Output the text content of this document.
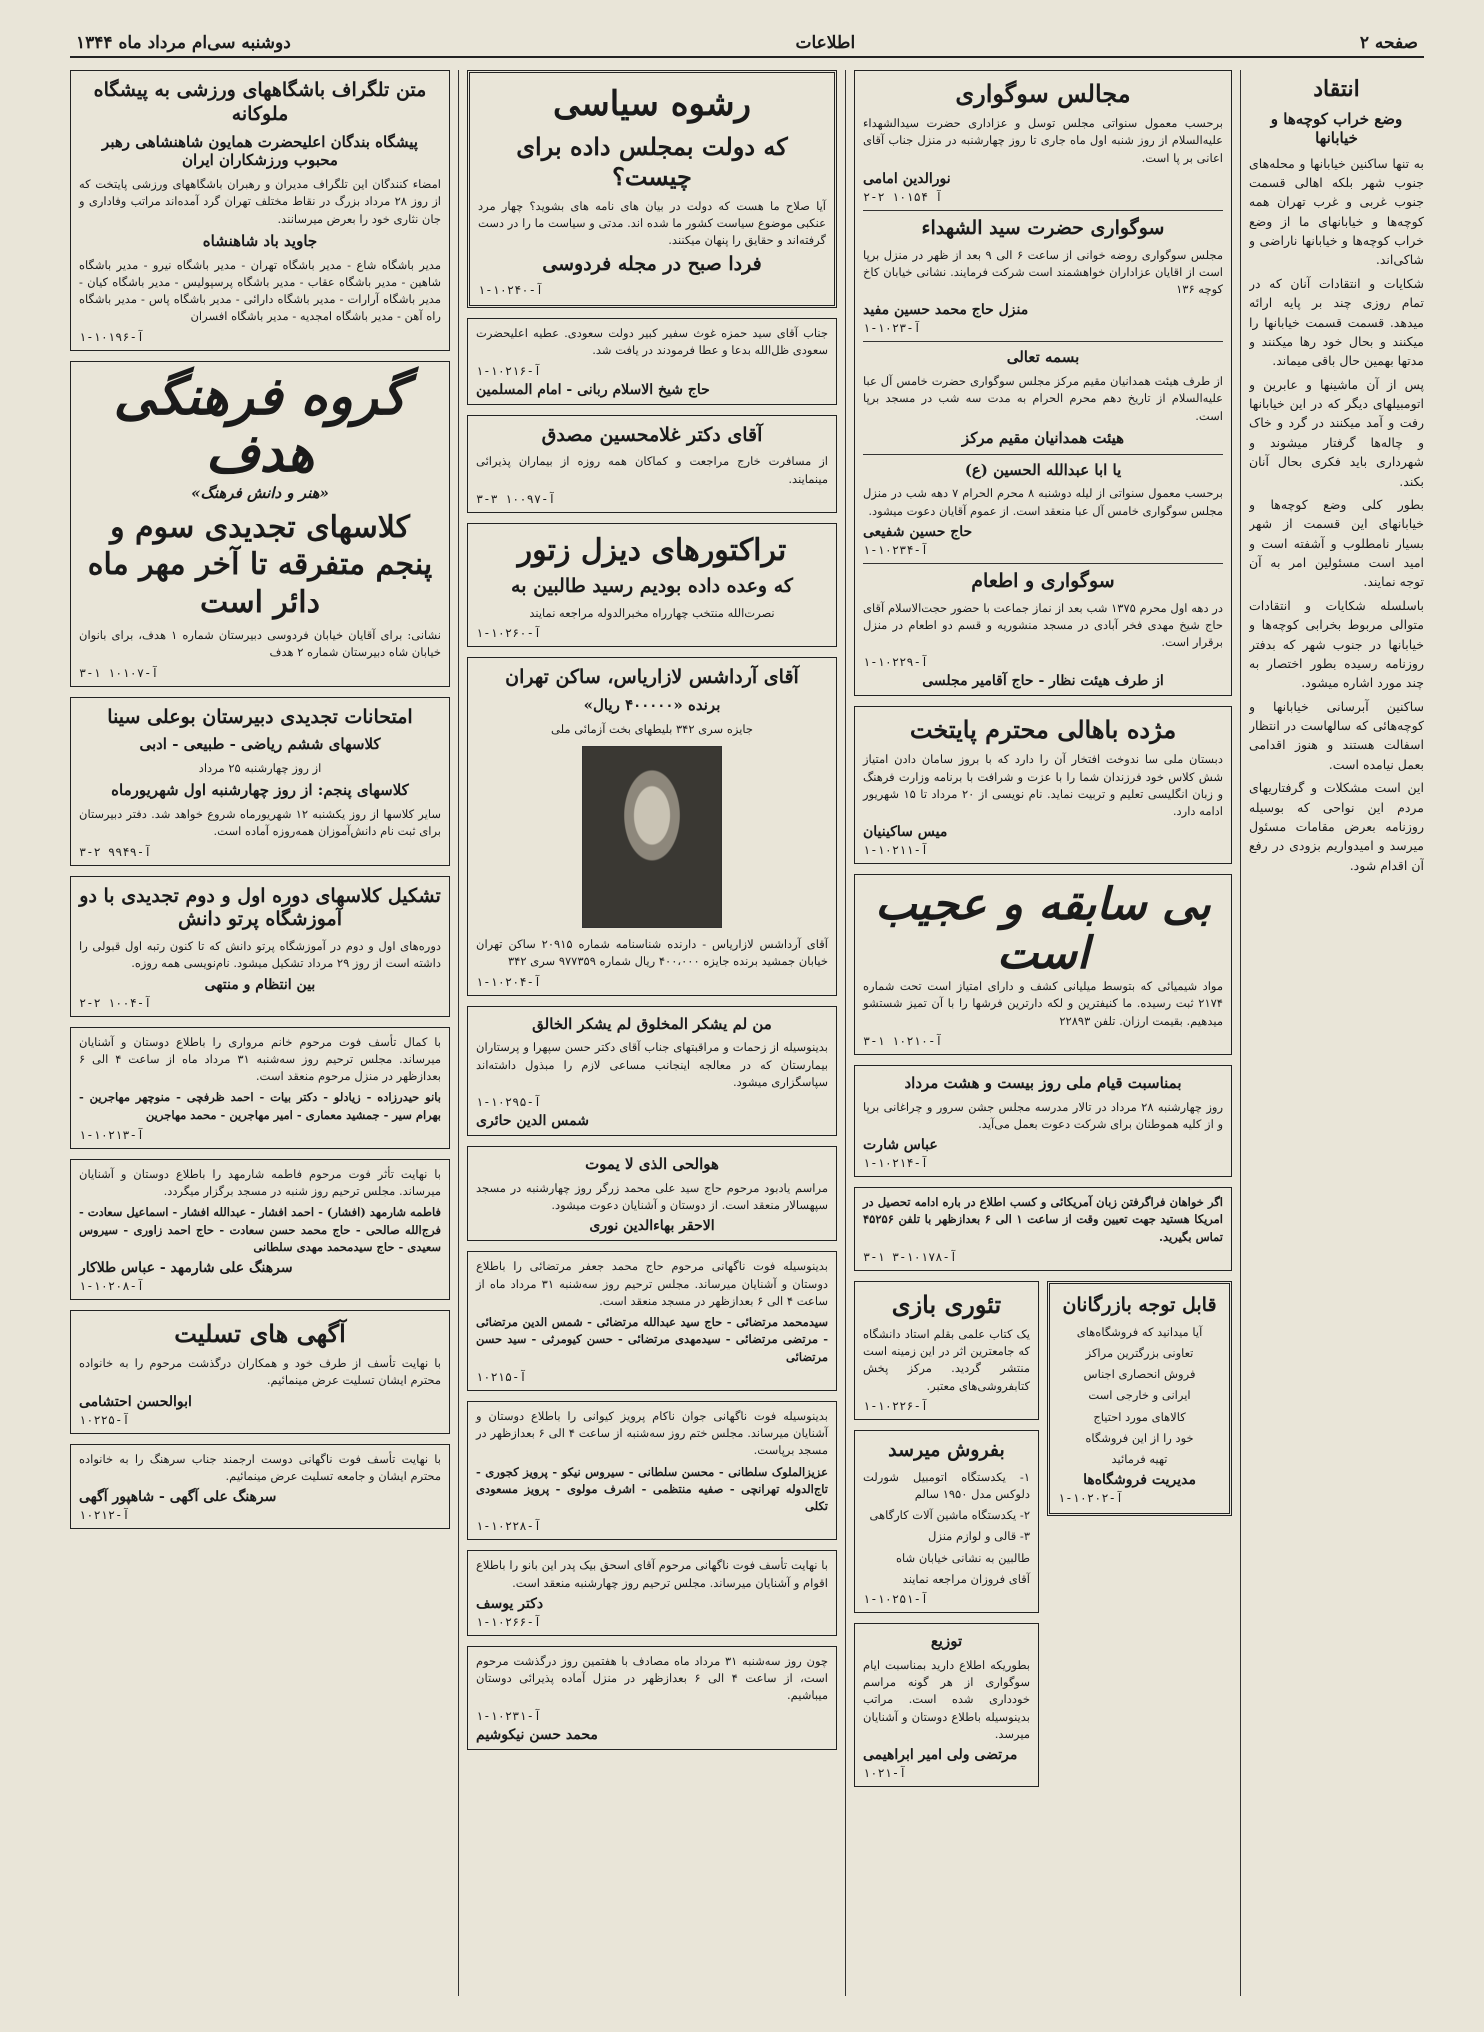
صفحه ۲
اطلاعات
دوشنبه سی‌ام مرداد ماه ۱۳۴۴
انتقاد
وضع خراب کوچه‌ها و خیابانها

به تنها ساکنین خیابانها و محله‌های جنوب شهر بلکه اهالی قسمت جنوب غربی و غرب تهران همه کوچه‌ها و خیابانهای ما از وضع خراب کوچه‌ها و خیابانها ناراضی و شاکی‌اند.

شکایات و انتقادات آنان که در تمام روزی چند بر پایه ارائه میدهد. قسمت قسمت خیابانها را میکنند و بحال خود رها میکنند و مدتها بهمین حال باقی میماند.

پس از آن ماشینها و عابرین و اتومبیلهای دیگر که در این خیابانها رفت و آمد میکنند در گرد و خاک و چاله‌ها گرفتار میشوند و شهرداری باید فکری بحال آنان بکند.

بطور کلی وضع کوچه‌ها و خیابانهای این قسمت از شهر بسیار نامطلوب و آشفته است و امید است مسئولین امر به آن توجه نمایند.

باسلسله شکایات و انتقادات متوالی مربوط بخرابی کوچه‌ها و خیابانها در جنوب شهر که بدفتر روزنامه رسیده بطور اختصار به چند مورد اشاره میشود.

ساکنین آبرسانی خیابانها و کوچه‌هائی که سالهاست در انتظار اسفالت هستند و هنوز اقدامی بعمل نیامده است.

این است مشکلات و گرفتاریهای مردم این نواحی که بوسیله روزنامه بعرض مقامات مسئول میرسد و امیدواریم بزودی در رفع آن اقدام شود.

مجالس سوگواری

برحسب معمول سنواتی مجلس توسل و عزاداری حضرت سیدالشهداء علیه‌السلام از روز شنبه اول ماه جاری تا روز چهارشنبه در منزل جناب آقای اعانی بر پا است.

نورالدین امامی
آ ۱۰۱۵۴ ۲-۲
سوگواری حضرت سید الشهداء

مجلس سوگواری روضه خوانی از ساعت ۶ الی ۹ بعد از ظهر در منزل برپا است از اقایان عزاداران خواهشمند است شرکت فرمایند. نشانی خیابان کاخ کوچه ۱۳۶

منزل حاج محمد حسین مفید
آ-۱۰۲۳-۱
بسمه تعالی

از طرف هیئت همدانیان مقیم مرکز مجلس سوگواری حضرت خامس آل عبا علیه‌السلام از تاریخ دهم محرم الحرام به مدت سه شب در مسجد برپا است.

هیئت همدانیان مقیم مرکز
یا ابا عبدالله الحسین (ع)

برحسب معمول سنواتی از لیله دوشنبه ۸ محرم الحرام ۷ دهه شب در منزل مجلس سوگواری خامس آل عبا منعقد است. از عموم آقایان دعوت میشود.

حاج حسین شفیعی
آ-۱۰۲۳۴-۱
سوگواری و اطعام

در دهه اول محرم ۱۳۷۵ شب بعد از نماز جماعت با حضور حجت‌الاسلام آقای حاج شیخ مهدی فخر آبادی در مسجد منشوریه و قسم دو اطعام در منزل برقرار است.

آ-۱۰۲۲۹-۱
از طرف هیئت نظار - حاج آقامیر مجلسی
مژده باهالی محترم پایتخت

دبستان ملی سا ندوخت افتخار آن را دارد که با بروز سامان دادن امتیاز شش کلاس خود فرزندان شما را با عزت و شرافت با برنامه وزارت فرهنگ و زبان انگلیسی تعلیم و تربیت نماید. نام نویسی از ۲۰ مرداد تا ۱۵ شهریور ادامه دارد.

میس ساکینیان
آ-۱۰۲۱۱-۱
بی سابقه و عجیب است

مواد شیمیائی که بتوسط میلیانی کشف و دارای امتیاز است تحت شماره ۲۱۷۴ ثبت رسیده. ما کنیفترین و لکه دارترین فرشها را با آن تمیز شستشو میدهیم. بقیمت ارزان. تلفن ۲۲۸۹۳

آ-۱۰۲۱۰ ۱-۳
بمناسبت قیام ملی روز بیست و هشت مرداد

روز چهارشنبه ۲۸ مرداد در تالار مدرسه مجلس جشن سرور و چراغانی برپا و از کلیه هموطنان برای شرکت دعوت بعمل می‌آید.

عباس شارت
آ-۱۰۲۱۴-۱

اگر خواهان فراگرفتن زبان آمریکائی و کسب اطلاع در باره ادامه تحصیل در امریکا هستید جهت تعیین وقت از ساعت ۱ الی ۶ بعدازظهر با تلفن ۴۵۲۵۶ تماس بگیرید.

آ-۱۰۱۷۸-۳ ۱-۳
قابل توجه بازرگانان
آیا میدانید که فروشگاه‌های
تعاونی بزرگترین مراکز
فروش انحصاری اجناس
ایرانی و خارجی است
کالاهای مورد احتیاج
خود را از این فروشگاه
تهیه فرمائید
مدیریت فروشگاه‌ها
آ-۱۰۲۰۲-۱
تئوری بازی

یک کتاب علمی بقلم استاد دانشگاه که جامعترین اثر در این زمینه است منتشر گردید. مرکز پخش کتابفروشی‌های معتبر.

آ-۱۰۲۲۶-۱
بفروش میرسد
۱- یکدستگاه اتومبیل شورلت دلوکس مدل ۱۹۵۰ سالم
۲- یکدستگاه ماشین آلات کارگاهی
۳- قالی و لوازم منزل
طالبین به نشانی خیابان شاه
آقای فروزان مراجعه نمایند
آ-۱۰۲۵۱-۱
توزیع

بطوریکه اطلاع دارید بمناسبت ایام سوگواری از هر گونه مراسم خودداری شده است. مراتب بدینوسیله باطلاع دوستان و آشنایان میرسد.

مرتضی ولی امیر ابراهیمی
آ-۱۰۲۱
رشوه سیاسی
که دولت بمجلس داده برای چیست؟

آیا صلاح ما هست که دولت در بیان های نامه های بشوید؟ چهار مرد عنکبی موضوع سیاست کشور ما شده اند. مدتی و سیاست ما را در دست گرفته‌اند و حقایق را پنهان میکنند.

فردا صبح در مجله فردوسی
آ-۱۰۲۴۰-۱

جناب آقای سید حمزه غوث سفیر کبیر دولت سعودی. عطیه اعلیحضرت سعودی ظل‌الله بدعا و عطا فرمودند در یافت شد.

آ-۱۰۲۱۶-۱
حاج شیخ الاسلام ربانی - امام المسلمین
آقای دکتر غلامحسین مصدق

از مسافرت خارج مراجعت و کماکان همه روزه از بیماران پذیرائی مینمایند.

آ-۱۰۰۹۷ ۳-۳
تراکتورهای دیزل زتور
که وعده داده بودیم رسید طالبین به
نصرت‌الله منتخب چهارراه مخبرالدوله مراجعه نمایند
آ-۱۰۲۶۰-۱
آقای آرداشس لازاریاس، ساکن تهران
برنده «۴۰۰۰۰۰ ریال»
جایزه سری ۳۴۲ بلیطهای بخت آزمائی ملی

آقای آرداشس لازاریاس - دارنده شناسنامه شماره ۲۰۹۱۵ ساکن تهران خیابان جمشید برنده جایزه ۴۰۰،۰۰۰ ریال شماره ۹۷۷۳۵۹ سری ۳۴۲

آ-۱۰۲۰۴-۱
من لم یشکر المخلوق لم یشکر الخالق

بدینوسیله از زحمات و مراقبتهای جناب آقای دکتر حسن سپهرا و پرستاران بیمارستان که در معالجه اینجانب مساعی لازم را مبذول داشته‌اند سپاسگزاری میشود.

آ-۱۰۲۹۵-۱
شمس الدین حائری
هوالحی الذی لا یموت

مراسم یادبود مرحوم حاج سید علی محمد زرگر روز چهارشنبه در مسجد سپهسالار منعقد است. از دوستان و آشنایان دعوت میشود.

الاحقر بهاءالدین نوری

بدینوسیله فوت ناگهانی مرحوم حاج محمد جعفر مرتضائی را باطلاع دوستان و آشنایان میرساند. مجلس ترحیم روز سه‌شنبه ۳۱ مرداد ماه از ساعت ۴ الی ۶ بعدازظهر در مسجد منعقد است.

سیدمحمد مرتضائی - حاج سید عبدالله مرتضائی - شمس الدین مرتضائی - مرتضی مرتضائی - سیدمهدی مرتضائی - حسن کیومرثی - سید حسن مرتضائی

آ-۱۰۲۱۵

بدینوسیله فوت ناگهانی جوان ناکام پرویز کیوانی را باطلاع دوستان و آشنایان میرساند. مجلس ختم روز سه‌شنبه از ساعت ۴ الی ۶ بعدازظهر در مسجد برپاست.

عزیزالملوک سلطانی - محسن سلطانی - سیروس نیکو - پرویز کجوری - تاج‌الدوله تهرانچی - صفیه منتظمی - اشرف مولوی - پرویز مسعودی تکلی

آ-۱۰۲۲۸-۱

با نهایت تأسف فوت ناگهانی مرحوم آقای اسحق بیک پدر این بانو را باطلاع اقوام و آشنایان میرساند. مجلس ترحیم روز چهارشنبه منعقد است.

دکتر یوسف
آ-۱۰۲۶۶-۱

چون روز سه‌شنبه ۳۱ مرداد ماه مصادف با هفتمین روز درگذشت مرحوم است، از ساعت ۴ الی ۶ بعدازظهر در منزل آماده پذیرائی دوستان میباشیم.

آ-۱۰۲۳۱-۱
محمد حسن نیکوشیم
متن تلگراف باشگاههای ورزشی به پیشگاه ملوکانه
پیشگاه بندگان اعلیحضرت همایون شاهنشاهی رهبر محبوب ورزشکاران ایران

امضاء کنندگان این تلگراف مدیران و رهبران باشگاههای ورزشی پایتخت که از روز ۲۸ مرداد بزرگ در نقاط مختلف تهران گرد آمده‌اند مراتب وفاداری و جان نثاری خود را بعرض میرسانند.

جاوید باد شاهنشاه

مدیر باشگاه شاع - مدیر باشگاه تهران - مدیر باشگاه نیرو - مدیر باشگاه شاهین - مدیر باشگاه عقاب - مدیر باشگاه پرسپولیس - مدیر باشگاه کیان - مدیر باشگاه آرارات - مدیر باشگاه دارائی - مدیر باشگاه پاس - مدیر باشگاه راه آهن - مدیر باشگاه امجدیه - مدیر باشگاه افسران

آ-۱۰۱۹۶-۱
گروه فرهنگی هدف
«هنر و دانش فرهنگ»
کلاسهای تجدیدی سوم و پنجم متفرقه تا آخر مهر ماه دائر است

نشانی: برای آقایان خیابان فردوسی دبیرستان شماره ۱ هدف، برای بانوان خیابان شاه دبیرستان شماره ۲ هدف

آ-۱۰۱۰۷ ۱-۳
امتحانات تجدیدی دبیرستان بوعلی سینا
کلاسهای ششم ریاضی - طبیعی - ادبی
از روز چهارشنبه ۲۵ مرداد
کلاسهای پنجم: از روز چهارشنبه اول شهریورماه

سایر کلاسها از روز یکشنبه ۱۲ شهریورماه شروع خواهد شد. دفتر دبیرستان برای ثبت نام دانش‌آموزان همه‌روزه آماده است.

آ-۹۹۴۹ ۲-۳
تشکیل کلاسهای دوره اول و دوم تجدیدی با دو آموزشگاه پرتو دانش

دوره‌های اول و دوم در آموزشگاه پرتو دانش که تا کنون رتبه اول قبولی را داشته است از روز ۲۹ مرداد تشکیل میشود. نام‌نویسی همه روزه.

بین انتظام و منتهی
آ-۱۰۰۴ ۲-۲

با کمال تأسف فوت مرحوم خانم مرواری را باطلاع دوستان و آشنایان میرساند. مجلس ترحیم روز سه‌شنبه ۳۱ مرداد ماه از ساعت ۴ الی ۶ بعدازظهر در منزل مرحوم منعقد است.

بانو حیدرزاده - زیادلو - دکتر بیات - احمد ظرفچی - منوچهر مهاجرین - بهرام سیر - جمشید معماری - امیر مهاجرین - محمد مهاجرین

آ-۱۰۲۱۳-۱

با نهایت تأثر فوت مرحوم فاطمه شارمهد را باطلاع دوستان و آشنایان میرساند. مجلس ترحیم روز شنبه در مسجد برگزار میگردد.

فاطمه شارمهد (افشار) - احمد افشار - عبدالله افشار - اسماعیل سعادت - فرج‌الله صالحی - حاج محمد حسن سعادت - حاج احمد زاوری - سیروس سعیدی - حاج سیدمحمد مهدی سلطانی

سرهنگ علی شارمهد - عباس طلاکار
آ-۱۰۲۰۸-۱
آگهی های تسلیت

با نهایت تأسف از طرف خود و همکاران درگذشت مرحوم را به خانواده محترم ایشان تسلیت عرض مینمائیم.

ابوالحسن احتشامی
آ-۱۰۲۲۵

با نهایت تأسف فوت ناگهانی دوست ارجمند جناب سرهنگ را به خانواده محترم ایشان و جامعه تسلیت عرض مینمائیم.

سرهنگ علی آگهی - شاهپور آگهی
آ-۱۰۲۱۲
